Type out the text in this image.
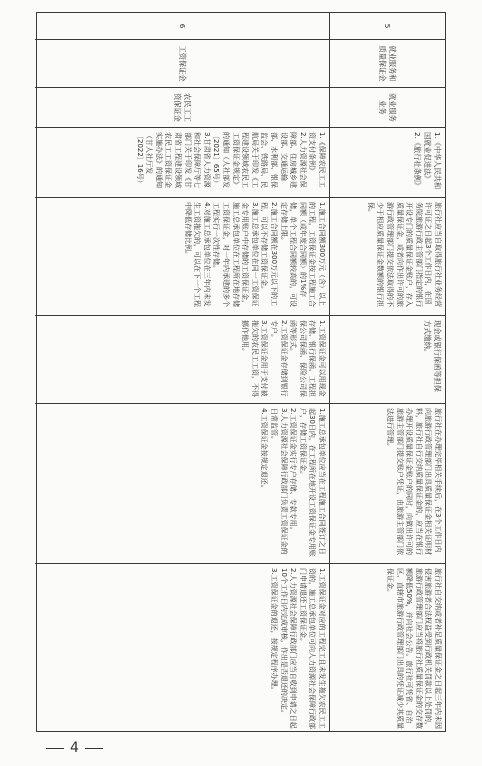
5
就业服务和质量保证金
就业服务业务
1.《中华人民共和国就业促进法》
2.《旅行社条例》
旅行社应当自取得旅行社业务经营许可证之日起3个工作日内，在国务院旅游行政主管部门指定的银行开设专门的质量保证金账户，存入质量保证金，或者向作出许可的旅游行政管理部门提交依法取得的不少于相应质量保证金数额的银行担保。
现金或银行保函等担保方式缴纳。
旅行社在办理完毕相关手续后，在3个工作日内向旅游行政管理部门出具质量保证金相关证明材料，旅行社自行交纳质量保证金的，应当在银行办理开设质量保证金账户的同时，向做出许可的旅游主管部门提交账户凭证，由旅游主管部门依法进行管理。
旅行社自交纳或者补足质量保证金之日起三年内未因侵害旅游者合法权益受到行政机关罚款以上处罚的，旅游行政管理部门应当将旅行社质量保证金的交存数额降低50%，并向社会公告。旅行社可凭省、自治区、直辖市旅游行政管理部门出具的凭证减少其质量保证金。
6
工资保证金
农民工工资保证金
1.《保障农民工工资支付条例》
2.人力资源社会保障部、住房城乡建设部、交通运输部、水利部、银保监会、铁路局、民航局关于印发《工程建设领域农民工工资保证金规定》的通知（人社部发〔2021〕65号）
3.甘肃省人力资源和社会保障厅等七部门关于印发《甘肃省工程建设领域农民工工资保证金实施办法》的通知（甘人社厅发〔2022〕16号）
1.施工合同额300万元（含）以上的工程，工资保证金按工程施工合同额（或年度合同额）的1%存储，单个工程合同额较高的，可设定存储上限。
2.施工合同额在300万元以下的工程，可以不存储工资保证金。
3.施工总承包单位在同一工资保证金专用账户中存储的工资保证金，施工总承包单位在工程所在地存储工资保证金，对一年内承建的多个工程实行一次性存储。
4.对施工总承包单位在三年内未发生工资拖欠的，可以在下一个工程中降低存储比例。
1.工资保证金可以用现金存储、银行保函、工程担保公司保函、保险公司保函等形式。
2.工资保证金存储到银行专户。
3.工资保证金用于支付被拖欠的农民工工资，不得挪作他用。
1.施工总承包单位应当在工程施工合同签订之日起30日内，在工程所在地开设工资保证金专用账户，存储工资保证金。
2.工资保证金实行专户存储、专款专用。
3.人力资源社会保障行政部门负责工资保证金的日常监管。
4.工资保证金按规定退还。
1.工资保证金对应的工程完工且未发生拖欠农民工工资的，施工总承包单位可向人力资源社会保障行政部门申请退还工资保证金。
2.人力资源社会保障行政部门应当自收到申请之日起10个工作日内完成审核，作出是否退还的决定。
3.工资保证金的退还，按规定程序办理。
4
